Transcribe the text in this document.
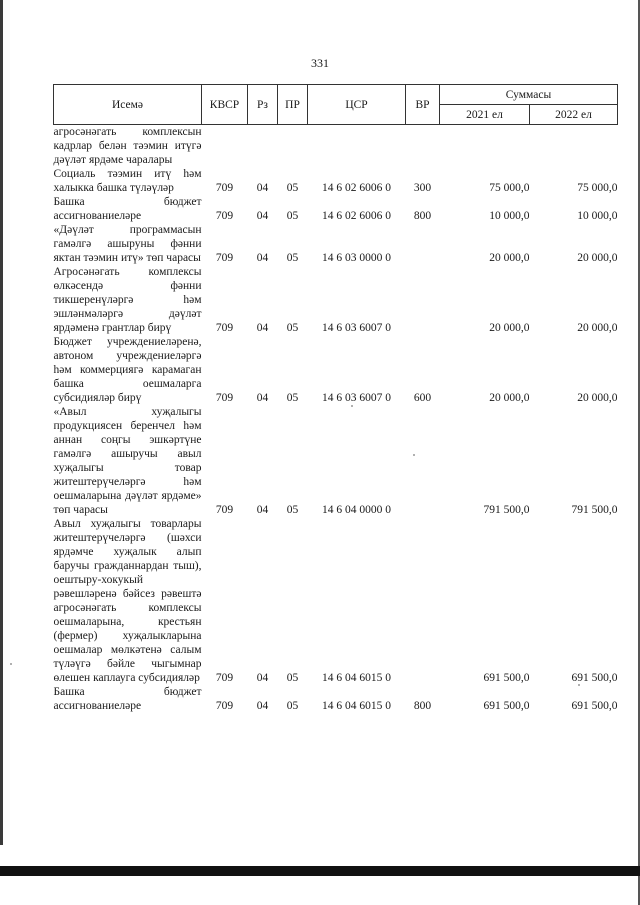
331
Исемә	КВСР	Рз	ПР	ЦСР	ВР	Суммасы	
						2021 ел	2022 ел
агросәнәгать комплексын кадрлар белән тәэмин итүгә дәүләт ярдәме чаралары							
Социаль тәэмин итү һәм халыкка башка түләүләр	709	04	05	14 6 02 6006 0	300	75 000,0	75 000,0
Башка бюджет ассигнованиеләре	709	04	05	14 6 02 6006 0	800	10 000,0	10 000,0
«Дәүләт программасын гамәлгә ашыруны фәнни яктан тәэмин итү» төп чарасы	709	04	05	14 6 03 0000 0		20 000,0	20 000,0
Агросәнәгать комплексы өлкәсендә фәнни тикшеренүләргә һәм эшләнмәләргә дәүләт ярдәменә грантлар бирү	709	04	05	14 6 03 6007 0		20 000,0	20 000,0
Бюджет учреждениеләренә, автоном учреждениеләргә һәм коммерциягә карамаган башка оешмаларга субсидияләр бирү	709	04	05	14 6 03 6007 0	600	20 000,0	20 000,0
«Авыл хуҗалыгы продукциясен беренчел һәм аннан соңгы эшкәртүне гамәлгә ашыручы авыл хуҗалыгы товар житештерүчеләргә һәм оешмаларына дәүләт ярдәме» төп чарасы	709	04	05	14 6 04 0000 0		791 500,0	791 500,0
Авыл хуҗалыгы товарлары житештерүчеләргә (шәхси ярдәмче хуҗалык алып баручы гражданнардан тыш), оештыру-хокукый рәвешләренә бәйсез рәвештә агросәнәгать комплексы оешмаларына, крестьян (фермер) хуҗалыкларына оешмалар мөлкәтенә салым түләүгә бәйле чыгымнар өлешен каплауга субсидияләр	709	04	05	14 6 04 6015 0		691 500,0	691 500,0
Башка бюджет ассигнованиеләре	709	04	05	14 6 04 6015 0	800	691 500,0	691 500,0
